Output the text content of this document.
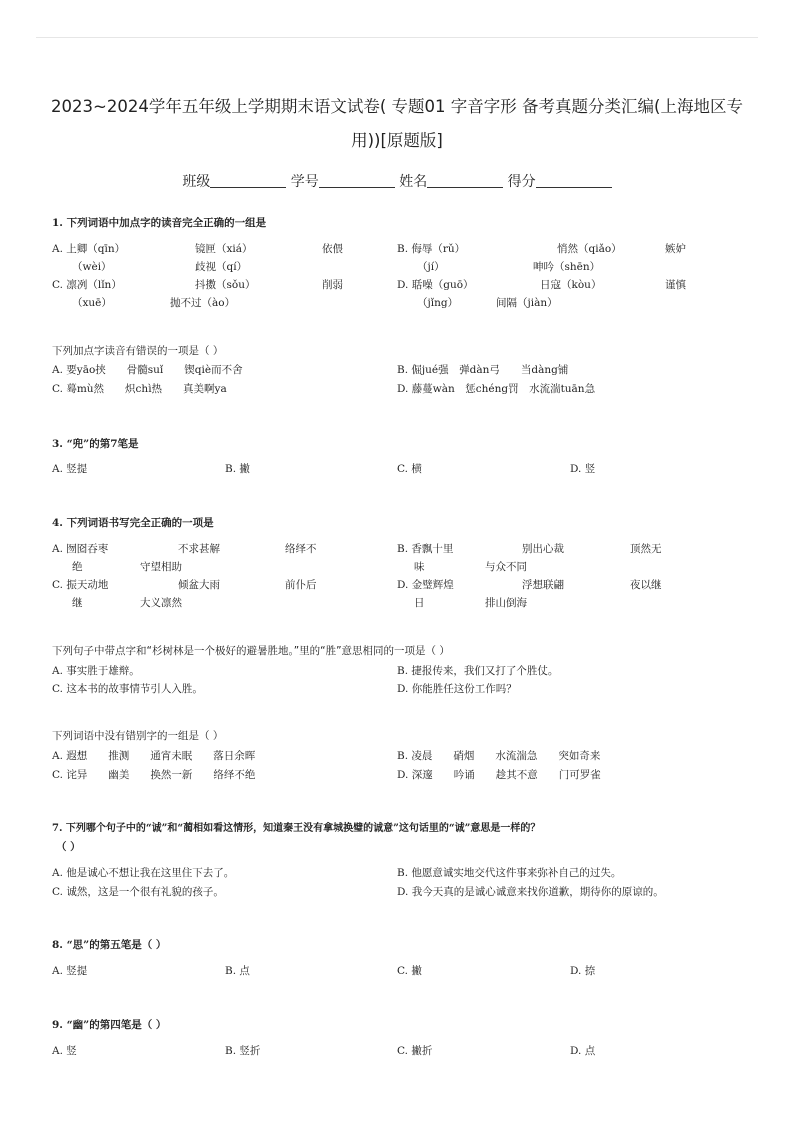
2023~2024学年五年级上学期期末语文试卷( 专题01 字音字形 备考真题分类汇编(上海地区专
用))[原题版]
班级	学号	姓名	得分
1. 下列词语中加点字的读音完全正确的一组是
A. 上卿（qīn）	镜匣（xiá）	依偎
（wèi）	歧视（qí）
B. 侮辱（rǔ）	悄然（qiǎo）	嫉妒
（jí）	呻吟（shēn）
C. 凛冽（lǐn）	抖擞（sǒu）	削弱
（xuē）	抛不过（ào）
D. 聒噪（guō）	日寇（kòu）	谨慎
（jǐng）	间隔（jiàn）
下列加点字读音有错误的一项是（ ）
A. 要yāo挟　　骨髓suǐ　　锲qiè而不舍	B. 倔jué强　弹dàn弓　　当dàng铺
C. 蓦mù然　　炽chì热　　真美啊ya	D. 藤蔓wàn　惩chéng罚　水流湍tuān急
3. “兜”的第7笔是
A. 竖提	B. 撇	C. 横	D. 竖
4. 下列词语书写完全正确的一项是
A. 囫囵吞枣	不求甚解	络绎不
绝	守望相助
B. 香飘十里	别出心裁	顶然无
味	与众不同
C. 振天动地	倾盆大雨	前仆后
继	大义凛然
D. 金璧辉煌	浮想联翩	夜以继
日	排山倒海
下列句子中带点字和“杉树林是一个极好的避暑胜地。”里的“胜”意思相同的一项是（ ）
A. 事实胜于雄辩。	B. 捷报传来，我们又打了个胜仗。
C. 这本书的故事情节引人入胜。	D. 你能胜任这份工作吗？
下列词语中没有错别字的一组是（ ）
A. 遐想　　推测　　通宵未眠　　落日余晖	B. 凌晨　　硝烟　　水流湍急　　突如奇来
C. 诧异　　幽美　　换然一新　　络绎不绝	D. 深邃　　吟诵　　趁其不意　　门可罗雀
7. 下列哪个句子中的“诚”和“蔺相如看这情形，知道秦王没有拿城换璧的诚意”这句话里的“诚”意思是一样的？
（ ）
A. 他是诚心不想让我在这里住下去了。	B. 他愿意诚实地交代这件事来弥补自己的过失。
C. 诚然，这是一个很有礼貌的孩子。	D. 我今天真的是诚心诚意来找你道歉，期待你的原谅的。
8. “思”的第五笔是（ ）
A. 竖提	B. 点	C. 撇	D. 捺
9. “幽”的第四笔是（ ）
A. 竖	B. 竖折	C. 撇折	D. 点
